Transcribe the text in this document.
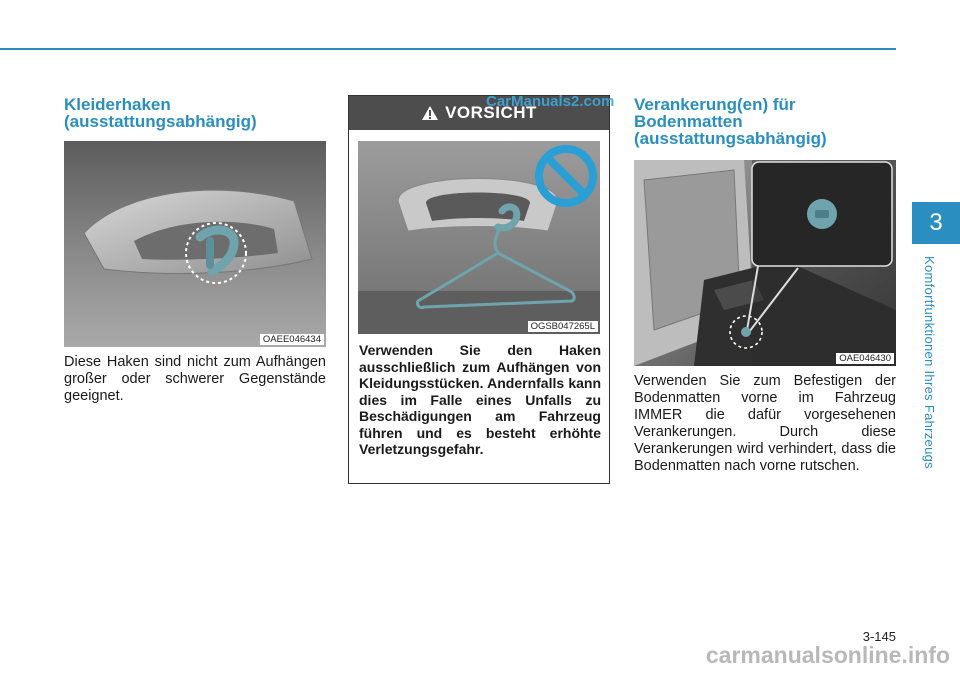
Kleiderhaken (ausstattungsabhängig)
OAEE046434

Diese Haken sind nicht zum Aufhängen großer oder schwerer Gegenstände geeignet.

VORSICHT
OGSB047265L

Verwenden Sie den Haken ausschließlich zum Aufhängen von Kleidungsstücken. Andernfalls kann dies im Falle eines Unfalls zu Beschädigungen am Fahrzeug führen und es besteht erhöhte Verletzungsgefahr.

Verankerung(en) für Bodenmatten (ausstattungsabhängig)
OAE046430

Verwenden Sie zum Befestigen der Bodenmatten vorne im Fahrzeug IMMER die dafür vorgesehenen Verankerungen. Durch diese Verankerungen wird verhindert, dass die Bodenmatten nach vorne rutschen.

3
Komfortfunktionen Ihres Fahrzeugs
3-145
CarManuals2.com
carmanualsonline.info
